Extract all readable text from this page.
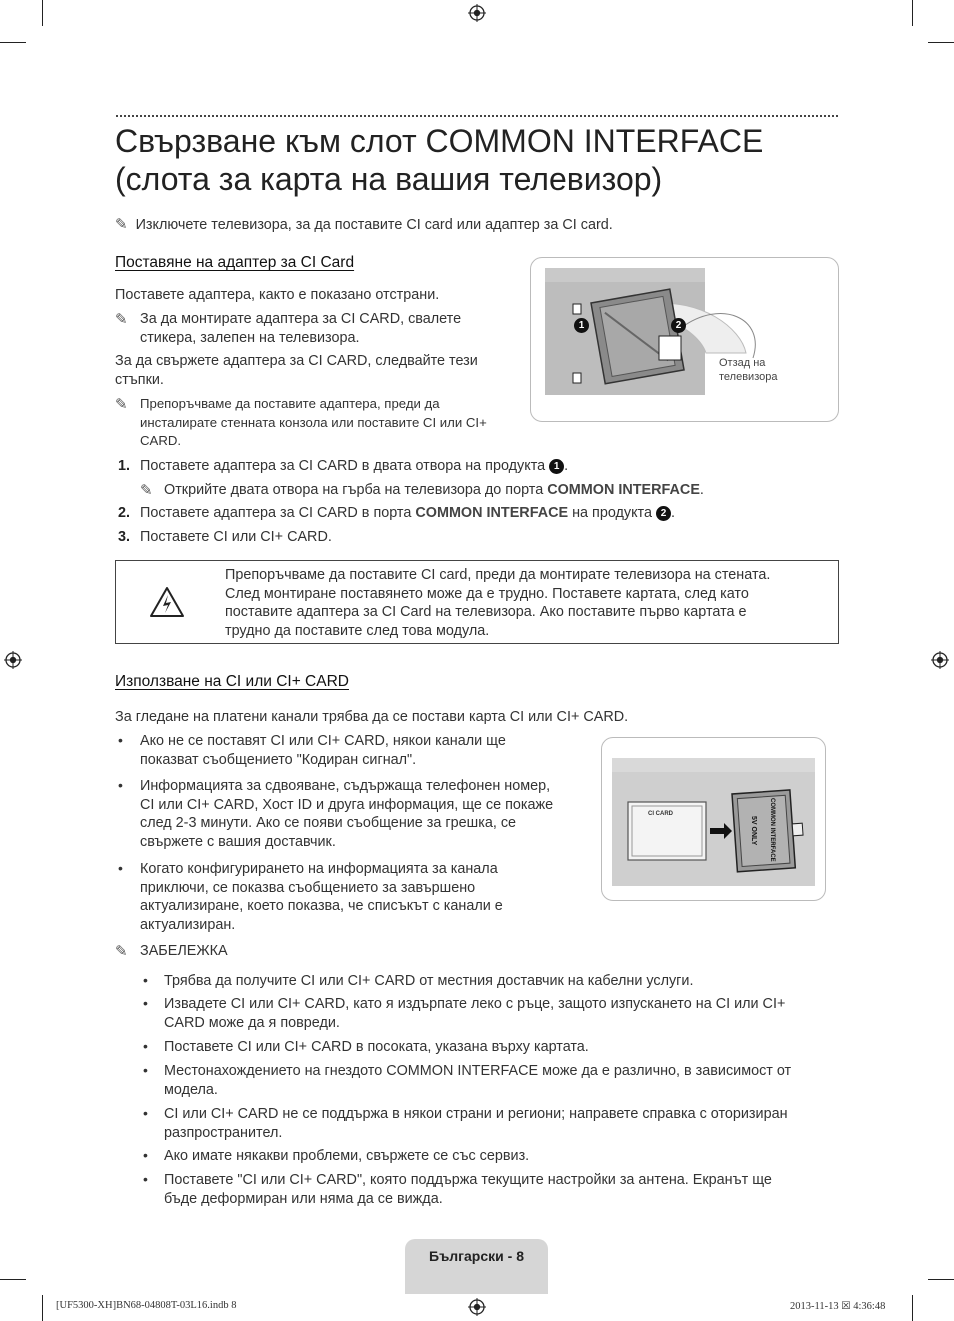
Свързване към слот COMMON INTERFACE
(слота за карта на вашия телевизор)
✎ Изключете телевизора, за да поставите CI card или адаптер за CI card.
Поставяне на адаптер за CI Card
Поставете адаптера, както е показано отстрани.
✎ За да монтирате адаптера за CI CARD, свалете
стикера, залепен на телевизора.
За да свържете адаптера за CI CARD, следвайте тези
стъпки.
✎ Препоръчваме да поставите адаптера, преди да
инсталирате стенната конзола или поставите CI или CI+
CARD.
1	2
Отзад на
телевизора
1. Поставете адаптера за CI CARD в двата отвора на продукта 1 .
✎ Открийте двата отвора на гърба на телевизора до порта COMMON INTERFACE.
2. Поставете адаптера за CI CARD в порта COMMON INTERFACE на продукта 2 .
3. Поставете CI или CI+ CARD.
Препоръчваме да поставите CI card, преди да монтирате телевизора на стената.
След монтиране поставянето може да е трудно. Поставете картата, след като
поставите адаптера за CI Card на телевизора. Ако поставите първо картата е
трудно да поставите след това модула.
Използване на CI или CI+ CARD
За гледане на платени канали трябва да се постави карта CI или CI+ CARD.
• Ако не се поставят CI или CI+ CARD, някои канали ще
показват съобщението "Кодиран сигнал".
• Информацията за сдвояване, съдържаща телефонен номер,
CI или CI+ CARD, Хост ID и друга информация, ще се покаже
след 2-3 минути. Ако се появи съобщение за грешка, се
свържете с вашия доставчик.
• Когато конфигурирането на информацията за канала
приключи, се показва съобщението за завършено
актуализиране, което показва, че списъкът с канали е
актуализиран.
CI CARD	COMMON INTERFACE
5V ONLY
✎ ЗАБЕЛЕЖКА
• Трябва да получите CI или CI+ CARD от местния доставчик на кабелни услуги.
• Извадете CI или CI+ CARD, като я издърпате леко с ръце, защото изпускането на CI или CI+
CARD може да я повреди.
• Поставете CI или CI+ CARD в посоката, указана върху картата.
• Местонахождението на гнездото COMMON INTERFACE може да е различно, в зависимост от
модела.
• CI или CI+ CARD не се поддържа в някои страни и региони; направете справка с оторизиран
разпространител.
• Ако имате някакви проблеми, свържете се със сервиз.
• Поставете "CI или CI+ CARD", която поддържа текущите настройки за антена. Екранът ще
бъде деформиран или няма да се вижда.
Български - 8
[UF5300-XH]BN68-04808T-03L16.indb 8	2013-11-13 ☒ 4:36:48
